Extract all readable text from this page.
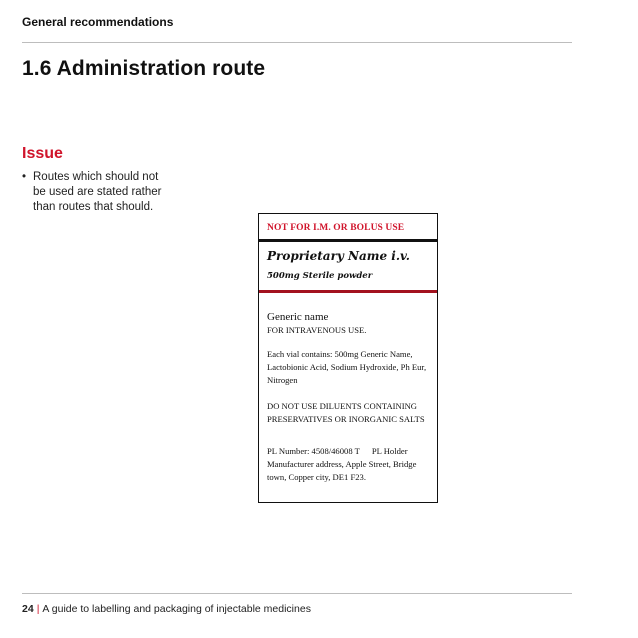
General recommendations
1.6 Administration route
Issue
• Routes which should not be used are stated rather than routes that should.
NOT FOR I.M. OR BOLUS USE
Proprietary Name i.v.
500mg Sterile powder
Generic name
FOR INTRAVENOUS USE.
Each vial contains: 500mg Generic Name, Lactobionic Acid, Sodium Hydroxide, Ph Eur, Nitrogen
DO NOT USE DILUENTS CONTAINING PRESERVATIVES OR INORGANIC SALTS
PL Number: 4508/46008 T PL Holder
Manufacturer address, Apple Street, Bridge town, Copper city, DE1 F23.
24 | A guide to labelling and packaging of injectable medicines
